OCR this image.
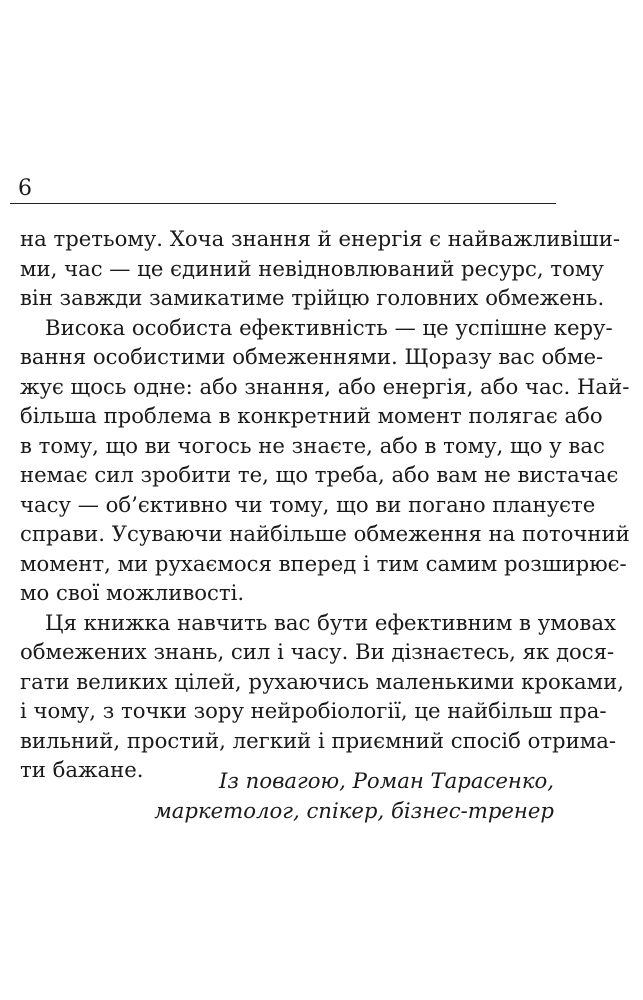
6
на третьому. Хоча знання й енергія є найважливіши-
ми, час — це єдиний невідновлюваний ресурс, тому
він завжди замикатиме трійцю головних обмежень.
Висока особиста ефективність — це успішне керу-
вання особистими обмеженнями. Щоразу вас обме-
жує щось одне: або знання, або енергія, або час. Най-
більша проблема в конкретний момент полягає або
в тому, що ви чогось не знаєте, або в тому, що у вас
немає сил зробити те, що треба, або вам не вистачає
часу — об’єктивно чи тому, що ви погано плануєте
справи. Усуваючи найбільше обмеження на поточний
момент, ми рухаємося вперед і тим самим розширює-
мо свої можливості.
Ця книжка навчить вас бути ефективним в умовах
обмежених знань, сил і часу. Ви дізнаєтесь, як дося-
гати великих цілей, рухаючись маленькими кроками,
і чому, з точки зору нейробіології, це найбільш пра-
вильний, простий, легкий і приємний спосіб отрима-
ти бажане.	Із повагою, Роман Тарасенко,
маркетолог, спікер, бізнес-тренер
